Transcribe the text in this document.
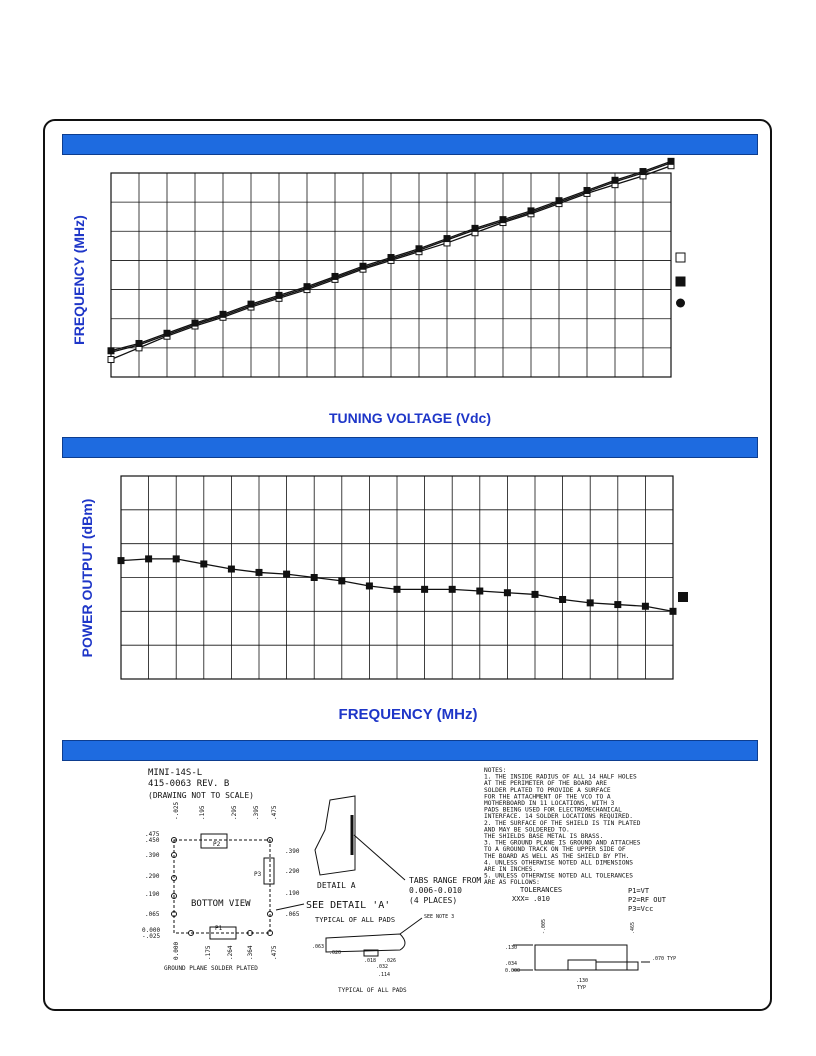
FREQUENCY (MHz)
TUNING VOLTAGE (Vdc)
POWER OUTPUT (dBm)
FREQUENCY (MHz)
MINI-14S-L
415-0063 REV. B
(DRAWING NOT TO SCALE)
BOTTOM VIEW
P2
P3
P1
.475
.450
.390
.290
.190
.065
0.000
-.025
-.025	.195	.295	.395 .475
.390
.290
.190
.065
0.000	.175	.264 .364	.475
GROUND PLANE SOLDER PLATED
SEE DETAIL 'A'
TABS RANGE FROM
0.006-0.010
(4 PLACES)
DETAIL A
TYPICAL OF ALL PADS	SEE NOTE 3
.063
.020
.032
.018 .026
.114
TYPICAL OF ALL PADS
NOTES:
1. THE INSIDE RADIUS OF ALL 14 HALF HOLES
AT THE PERIMETER OF THE BOARD ARE
SOLDER PLATED TO PROVIDE A SURFACE
FOR THE ATTACHMENT OF THE VCO TO A
MOTHERBOARD IN 11 LOCATIONS, WITH 3
PADS BEING USED FOR ELECTROMECHANICAL
INTERFACE. 14 SOLDER LOCATIONS REQUIRED.
2. THE SURFACE OF THE SHIELD IS TIN PLATED
AND MAY BE SOLDERED TO.
THE SHIELDS BASE METAL IS BRASS.
3. THE GROUND PLANE IS GROUND AND ATTACHES
TO A GROUND TRACK ON THE UPPER SIDE OF
THE BOARD AS WELL AS THE SHIELD BY PTH.
4. UNLESS OTHERWISE NOTED ALL DIMENSIONS
ARE IN INCHES.
5. UNLESS OTHERWISE NOTED ALL TOLERANCES
ARE AS FOLLOWS:
TOLERANCES
XXX= .010
P1=VT
P2=RF OUT
P3=Vcc
.130
.034
0.000
-.005	.465
.070 TYP
.130
TYP
